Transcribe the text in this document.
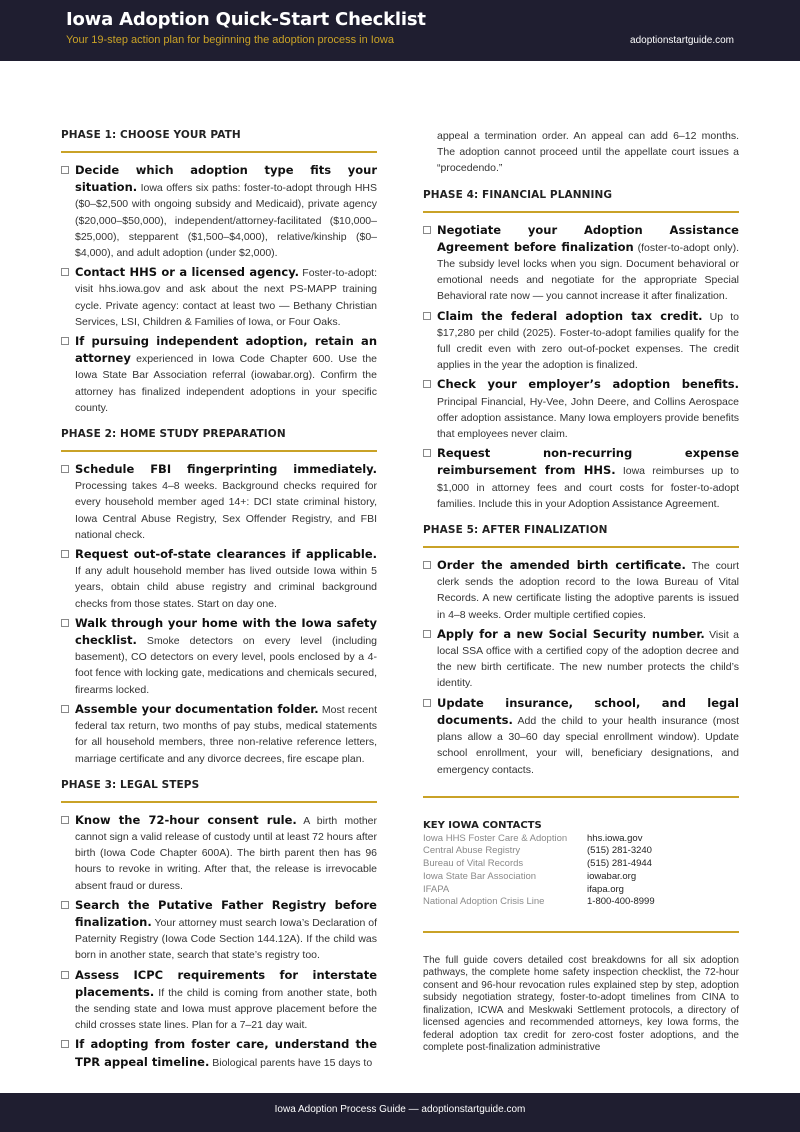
Iowa Adoption Quick-Start Checklist
Your 19-step action plan for beginning the adoption process in Iowa	adoptionstartguide.com
PHASE 1: CHOOSE YOUR PATH
Decide which adoption type fits your situation. Iowa offers six paths: foster-to-adopt through HHS ($0–$2,500 with ongoing subsidy and Medicaid), private agency ($20,000–$50,000), independent/attorney-facilitated ($10,000–$25,000), stepparent ($1,500–$4,000), relative/kinship ($0–$4,000), and adult adoption (under $2,000).
Contact HHS or a licensed agency. Foster-to-adopt: visit hhs.iowa.gov and ask about the next PS-MAPP training cycle. Private agency: contact at least two — Bethany Christian Services, LSI, Children & Families of Iowa, or Four Oaks.
If pursuing independent adoption, retain an attorney experienced in Iowa Code Chapter 600. Use the Iowa State Bar Association referral (iowabar.org). Confirm the attorney has finalized independent adoptions in your specific county.
PHASE 2: HOME STUDY PREPARATION
Schedule FBI fingerprinting immediately. Processing takes 4–8 weeks. Background checks required for every household member aged 14+: DCI state criminal history, Iowa Central Abuse Registry, Sex Offender Registry, and FBI national check.
Request out-of-state clearances if applicable. If any adult household member has lived outside Iowa within 5 years, obtain child abuse registry and criminal background checks from those states. Start on day one.
Walk through your home with the Iowa safety checklist. Smoke detectors on every level (including basement), CO detectors on every level, pools enclosed by a 4-foot fence with locking gate, medications and chemicals secured, firearms locked.
Assemble your documentation folder. Most recent federal tax return, two months of pay stubs, medical statements for all household members, three non-relative reference letters, marriage certificate and any divorce decrees, fire escape plan.
PHASE 3: LEGAL STEPS
Know the 72-hour consent rule. A birth mother cannot sign a valid release of custody until at least 72 hours after birth (Iowa Code Chapter 600A). The birth parent then has 96 hours to revoke in writing. After that, the release is irrevocable absent fraud or duress.
Search the Putative Father Registry before finalization. Your attorney must search Iowa’s Declaration of Paternity Registry (Iowa Code Section 144.12A). If the child was born in another state, search that state’s registry too.
Assess ICPC requirements for interstate placements. If the child is coming from another state, both the sending state and Iowa must approve placement before the child crosses state lines. Plan for a 7–21 day wait.
If adopting from foster care, understand the TPR appeal timeline. Biological parents have 15 days to
appeal a termination order. An appeal can add 6–12 months. The adoption cannot proceed until the appellate court issues a “procedendo.”
PHASE 4: FINANCIAL PLANNING
Negotiate your Adoption Assistance Agreement before finalization (foster-to-adopt only). The subsidy level locks when you sign. Document behavioral or emotional needs and negotiate for the appropriate Special Behavioral rate now — you cannot increase it after finalization.
Claim the federal adoption tax credit. Up to $17,280 per child (2025). Foster-to-adopt families qualify for the full credit even with zero out-of-pocket expenses. The credit applies in the year the adoption is finalized.
Check your employer’s adoption benefits. Principal Financial, Hy-Vee, John Deere, and Collins Aerospace offer adoption assistance. Many Iowa employers provide benefits that employees never claim.
Request non-recurring expense reimbursement from HHS. Iowa reimburses up to $1,000 in attorney fees and court costs for foster-to-adopt families. Include this in your Adoption Assistance Agreement.
PHASE 5: AFTER FINALIZATION
Order the amended birth certificate. The court clerk sends the adoption record to the Iowa Bureau of Vital Records. A new certificate listing the adoptive parents is issued in 4–8 weeks. Order multiple certified copies.
Apply for a new Social Security number. Visit a local SSA office with a certified copy of the adoption decree and the new birth certificate. The new number protects the child’s identity.
Update insurance, school, and legal documents. Add the child to your health insurance (most plans allow a 30–60 day special enrollment window). Update school enrollment, your will, beneficiary designations, and emergency contacts.
KEY IOWA CONTACTS
Iowa HHS Foster Care & Adoption	hhs.iowa.gov
Central Abuse Registry	(515) 281-3240
Bureau of Vital Records	(515) 281-4944
Iowa State Bar Association	iowabar.org
IFAPA	ifapa.org
National Adoption Crisis Line	1-800-400-8999
The full guide covers detailed cost breakdowns for all six adoption pathways, the complete home safety inspection checklist, the 72-hour consent and 96-hour revocation rules explained step by step, adoption subsidy negotiation strategy, foster-to-adopt timelines from CINA to finalization, ICWA and Meskwaki Settlement protocols, a directory of licensed agencies and recommended attorneys, key Iowa forms, the federal adoption tax credit for zero-cost foster adoptions, and the complete post-finalization administrative
Iowa Adoption Process Guide — adoptionstartguide.com
